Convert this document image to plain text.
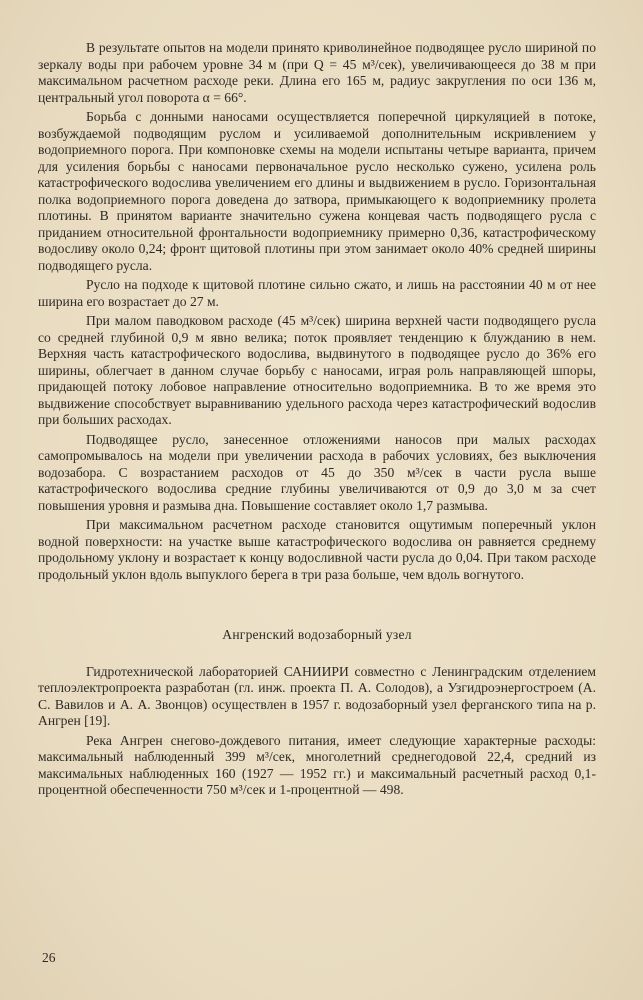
В результате опытов на модели принято криволинейное подводящее русло шириной по зеркалу воды при рабочем уровне 34 м (при Q = 45 м³/сек), увеличивающееся до 38 м при максимальном расчетном расходе реки. Длина его 165 м, радиус закругления по оси 136 м, центральный угол поворота α = 66°.

Борьба с донными наносами осуществляется поперечной циркуляцией в потоке, возбуждаемой подводящим руслом и усиливаемой дополнительным искривлением у водоприемного порога. При компоновке схемы на модели испытаны четыре варианта, причем для усиления борьбы с наносами первоначальное русло несколько сужено, усилена роль катастрофического водослива увеличением его длины и выдвижением в русло. Горизонтальная полка водоприемного порога доведена до затвора, примыкающего к водоприемнику пролета плотины. В принятом варианте значительно сужена концевая часть подводящего русла с приданием относительной фронтальности водоприемнику примерно 0,36, катастрофическому водосливу около 0,24; фронт щитовой плотины при этом занимает около 40% средней ширины подводящего русла.

Русло на подходе к щитовой плотине сильно сжато, и лишь на расстоянии 40 м от нее ширина его возрастает до 27 м.

При малом паводковом расходе (45 м³/сек) ширина верхней части подводящего русла со средней глубиной 0,9 м явно велика; поток проявляет тенденцию к блужданию в нем. Верхняя часть катастрофического водослива, выдвинутого в подводящее русло до 36% его ширины, облегчает в данном случае борьбу с наносами, играя роль направляющей шпоры, придающей потоку лобовое направление относительно водоприемника. В то же время это выдвижение способствует выравниванию удельного расхода через катастрофический водослив при больших расходах.

Подводящее русло, занесенное отложениями наносов при малых расходах самопромывалось на модели при увеличении расхода в рабочих условиях, без выключения водозабора. С возрастанием расходов от 45 до 350 м³/сек в части русла выше катастрофического водослива средние глубины увеличиваются от 0,9 до 3,0 м за счет повышения уровня и размыва дна. Повышение составляет около 1,7 размыва.

При максимальном расчетном расходе становится ощутимым поперечный уклон водной поверхности: на участке выше катастрофического водослива он равняется среднему продольному уклону и возрастает к концу водосливной части русла до 0,04. При таком расходе продольный уклон вдоль выпуклого берега в три раза больше, чем вдоль вогнутого.

Ангренский водозаборный узел

Гидротехнической лабораторией САНИИРИ совместно с Ленинградским отделением теплоэлектропроекта разработан (гл. инж. проекта П. А. Солодов), а Узгидроэнергостроем (А. С. Вавилов и А. А. Звонцов) осуществлен в 1957 г. водозаборный узел ферганского типа на р. Ангрен [19].

Река Ангрен снегово-дождевого питания, имеет следующие характерные расходы: максимальный наблюденный 399 м³/сек, многолетний среднегодовой 22,4, средний из максимальных наблюденных 160 (1927 — 1952 гг.) и максимальный расчетный расход 0,1-процентной обеспеченности 750 м³/сек и 1-процентной — 498.

26
